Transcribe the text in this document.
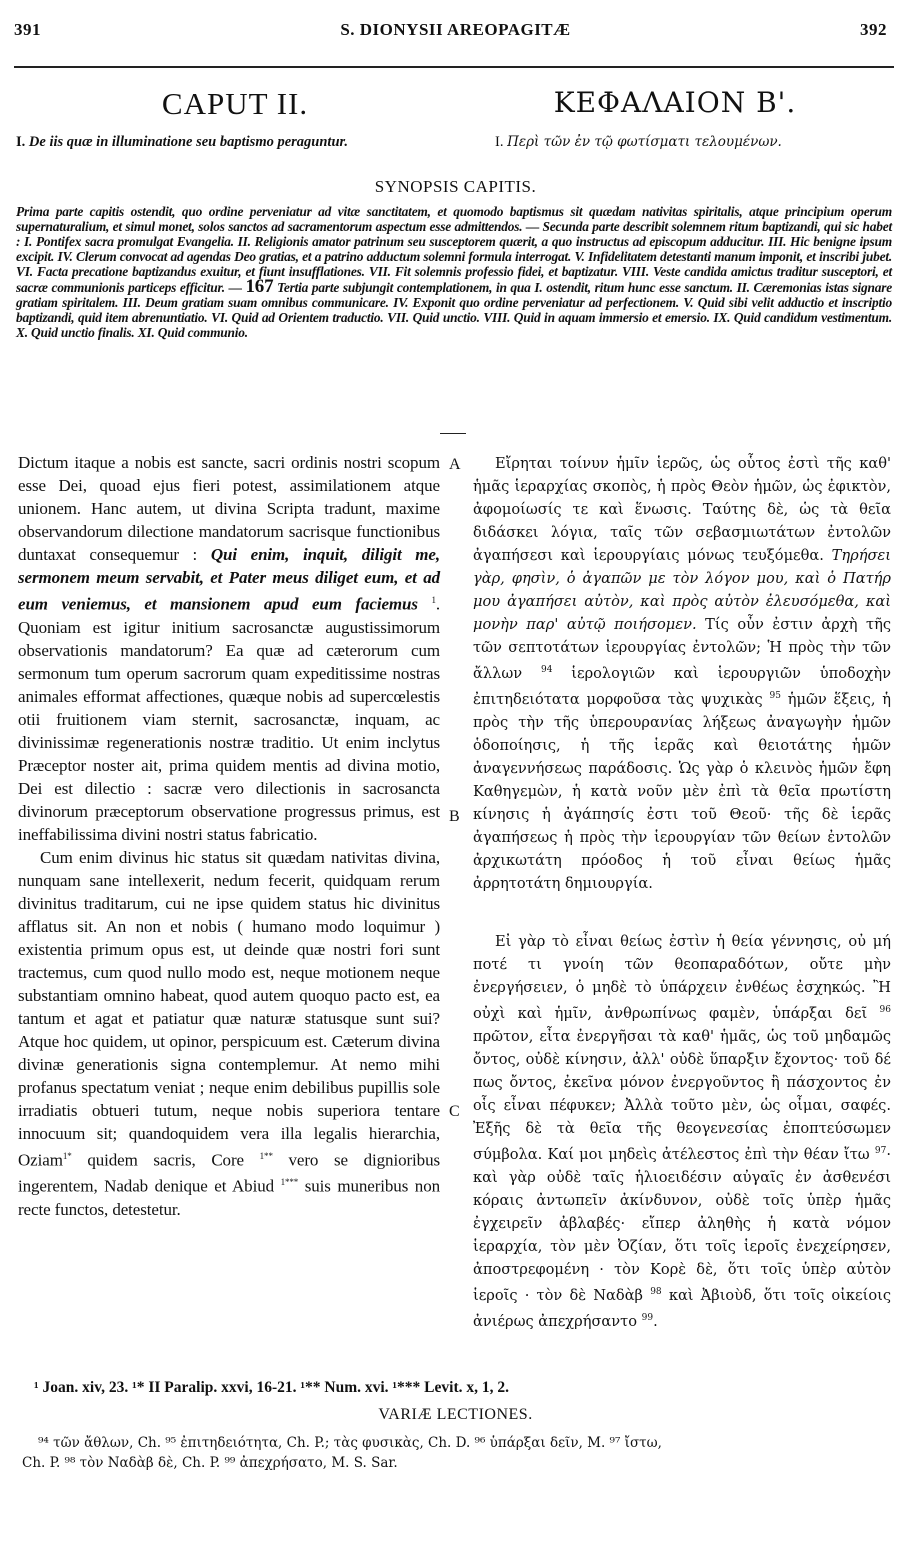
391	S. DIONYSII AREOPAGITÆ	392
CAPUT II.	ΚΕΦΑΛΑΙΟΝ Β'.
I. De iis quæ in illuminatione seu baptismo peraguntur.	I. Περὶ τῶν ἐν τῷ φωτίσματι τελουμένων.
SYNOPSIS CAPITIS.
Prima parte capitis ostendit, quo ordine perveniatur ad vitæ sanctitatem, et quomodo baptismus sit quædam nativitas spiritalis, atque principium operum supernaturalium, et simul monet, solos sanctos ad sacramentorum aspectum esse admittendos. — Secunda parte describit solemnem ritum baptizandi, qui sic habet : I. Pontifex sacra promulgat Evangelia. II. Religionis amator patrinum seu susceptorem quærit, a quo instructus ad episcopum adducitur. III. Hic benigne ipsum excipit. IV. Clerum convocat ad agendas Deo gratias, et a patrino adductum solemni formula interrogat. V. Infidelitatem detestanti manum imponit, et inscribi jubet. VI. Facta precatione baptizandus exuitur, et fiunt insufflationes. VII. Fit solemnis professio fidei, et baptizatur. VIII. Veste candida amictus traditur susceptori, et sacræ communionis particeps efficitur. — 167 Tertia parte subjungit contemplationem, in qua I. ostendit, ritum hunc esse sanctum. II. Cæremonias istas signare gratiam spiritalem. III. Deum gratiam suam omnibus communicare. IV. Exponit quo ordine perveniatur ad perfectionem. V. Quid sibi velit adductio et inscriptio baptizandi, quid item abrenuntiatio. VI. Quid ad Orientem traductio. VII. Quid unctio. VIII. Quid in aquam immersio et emersio. IX. Quid candidum vestimentum. X. Quid unctio finalis. XI. Quid communio.

Dictum itaque a nobis est sancte, sacri ordinis nostri scopum esse Dei, quoad ejus fieri potest, assimilationem atque unionem. Hanc autem, ut divina Scripta tradunt, maxime observandorum dilectione mandatorum sacrisque functionibus duntaxat consequemur : Qui enim, inquit, diligit me, sermonem meum servabit, et Pater meus diliget eum, et ad eum veniemus, et mansionem apud eum faciemus $^1$. Quoniam est igitur initium sacrosanctæ augustissimorum observationis mandatorum? Ea quæ ad cæterorum cum sermonum tum operum sacrorum quam expeditissime nostras animales efformat affectiones, quæque nobis ad supercœlestis otii fruitionem viam sternit, sacrosanctæ, inquam, ac divinissimæ regenerationis nostræ traditio. Ut enim inclytus Præceptor noster ait, prima quidem mentis ad divina motio, Dei est dilectio : sacræ vero dilectionis in sacrosancta divinorum præceptorum observatione progressus primus, est ineffabilissima divini nostri status fabricatio.

Cum enim divinus hic status sit quædam nativitas divina, nunquam sane intellexerit, nedum fecerit, quidquam rerum divinitus traditarum, cui ne ipse quidem status hic divinitus afflatus sit. An non et nobis ( humano modo loquimur ) existentia primum opus est, ut deinde quæ nostri fori sunt tractemus, cum quod nullo modo est, neque motionem neque substantiam omnino habeat, quod autem quoquo pacto est, ea tantum et agat et patiatur quæ naturæ statusque sunt sui? Atque hoc quidem, ut opinor, perspicuum est. Cæterum divina divinæ generationis signa contemplemur. At nemo mihi profanus spectatum veniat ; neque enim debilibus pupillis sole irradiatis obtueri tutum, neque nobis superiora tentare innocuum sit; quandoquidem vera illa legalis hierarchia, Oziam$^{1*}$ quidem sacris, Core $^{1**}$ vero se dignioribus ingerentem, Nadab denique et Abiud $^{1***}$ suis muneribus non recte functos, detestetur.

A
B
C

Εἴρηται τοίνυν ἡμῖν ἱερῶς, ὡς οὗτος ἐστὶ τῆς καθ' ἡμᾶς ἱεραρχίας σκοπὸς, ἡ πρὸς Θεὸν ἡμῶν, ὡς ἐφικτὸν, ἀφομοίωσίς τε καὶ ἕνωσις. Ταύτης δὲ, ὡς τὰ θεῖα διδάσκει λόγια, ταῖς τῶν σεβασμιωτάτων ἐντολῶν ἀγαπήσεσι καὶ ἱερουργίαις μόνως τευξόμεθα. Τηρήσει γὰρ, φησὶν, ὁ ἀγαπῶν με τὸν λόγον μου, καὶ ὁ Πατήρ μου ἀγαπήσει αὐτὸν, καὶ πρὸς αὐτὸν ἐλευσόμεθα, καὶ μονὴν παρ' αὐτῷ ποιήσομεν. Τίς οὖν ἐστιν ἀρχὴ τῆς τῶν σεπτοτάτων ἱερουργίας ἐντολῶν; Ἡ πρὸς τὴν τῶν ἄλλων $^{94}$ ἱερολογιῶν καὶ ἱερουργιῶν ὑποδοχὴν ἐπιτηδειότατα μορφοῦσα τὰς ψυχικὰς $^{95}$ ἡμῶν ἕξεις, ἡ πρὸς τὴν τῆς ὑπερουρανίας λήξεως ἀναγωγὴν ἡμῶν ὁδοποίησις, ἡ τῆς ἱερᾶς καὶ θειοτάτης ἡμῶν ἀναγεννήσεως παράδοσις. Ὡς γὰρ ὁ κλεινὸς ἡμῶν ἔφη Καθηγεμὼν, ἡ κατὰ νοῦν μὲν ἐπὶ τὰ θεῖα πρωτίστη κίνησις ἡ ἀγάπησίς ἐστι τοῦ Θεοῦ· τῆς δὲ ἱερᾶς ἀγαπήσεως ἡ πρὸς τὴν ἱερουργίαν τῶν θείων ἐντολῶν ἀρχικωτάτη πρόοδος ἡ τοῦ εἶναι θείως ἡμᾶς ἀρρητοτάτη δημιουργία.

Εἰ γὰρ τὸ εἶναι θείως ἐστὶν ἡ θεία γέννησις, οὐ μή ποτέ τι γνοίη τῶν θεοπαραδότων, οὔτε μὴν ἐνεργήσειεν, ὁ μηδὲ τὸ ὑπάρχειν ἐνθέως ἐσχηκώς. Ἢ οὐχὶ καὶ ἡμῖν, ἀνθρωπίνως φαμὲν, ὑπάρξαι δεῖ $^{96}$ πρῶτον, εἶτα ἐνεργῆσαι τὰ καθ' ἡμᾶς, ὡς τοῦ μηδαμῶς ὄντος, οὐδὲ κίνησιν, ἀλλ' οὐδὲ ὕπαρξιν ἔχοντος· τοῦ δέ πως ὄντος, ἐκεῖνα μόνον ἐνεργοῦντος ἢ πάσχοντος ἐν οἷς εἶναι πέφυκεν; Ἀλλὰ τοῦτο μὲν, ὡς οἶμαι, σαφές. Ἐξῆς δὲ τὰ θεῖα τῆς θεογενεσίας ἐποπτεύσωμεν σύμβολα. Καί μοι μηδεὶς ἀτέλεστος ἐπὶ τὴν θέαν ἴτω $^{97}$· καὶ γὰρ οὐδὲ ταῖς ἡλιοειδέσιν αὐγαῖς ἐν ἀσθενέσι κόραις ἀντωπεῖν ἀκίνδυνον, οὐδὲ τοῖς ὑπὲρ ἡμᾶς ἐγχειρεῖν ἀβλαβές· εἴπερ ἀληθὴς ἡ κατὰ νόμον ἱεραρχία, τὸν μὲν Ὀζίαν, ὅτι τοῖς ἱεροῖς ἐνεχείρησεν, ἀποστρεφομένη · τὸν Κορὲ δὲ, ὅτι τοῖς ὑπὲρ αὐτὸν ἱεροῖς · τὸν δὲ Ναδὰβ $^{98}$ καὶ Ἀβιοὺδ, ὅτι τοῖς οἰκείοις ἀνιέρως ἀπεχρήσαντο $^{99}$.

¹ Joan. xiv, 23. ¹* II Paralip. xxvi, 16-21. ¹** Num. xvi. ¹*** Levit. x, 1, 2.
VARIÆ LECTIONES.
⁹⁴ τῶν ἄθλων, Ch. ⁹⁵ ἐπιτηδειότητα, Ch. P.; τὰς φυσικὰς, Ch. D. ⁹⁶ ὑπάρξαι δεῖν, M. ⁹⁷ ἴστω,
Ch. P. ⁹⁸ τὸν Ναδὰβ δὲ, Ch. P. ⁹⁹ ἀπεχρήσατο, M. S. Sar.
